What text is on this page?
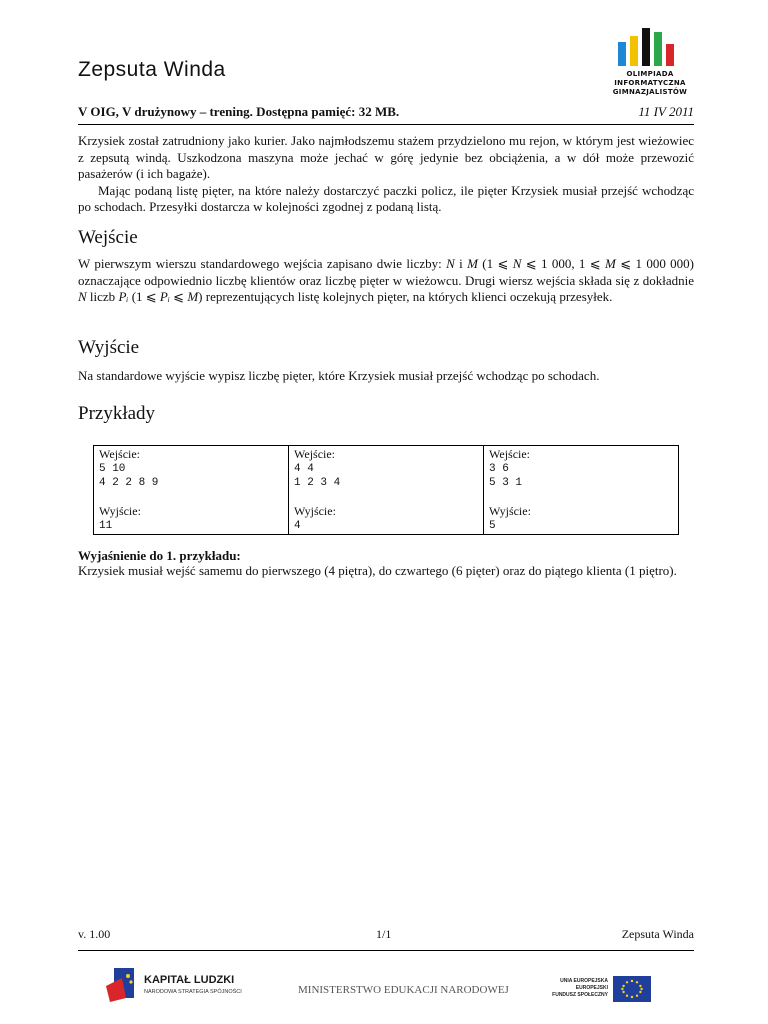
Zepsuta Winda	OLIMPIADA
INFORMATYCZNA
GIMNAZJALISTÓW
V OIG, V drużynowy – trening. Dostępna pamięć: 32 MB.	11 IV 2011

Krzysiek został zatrudniony jako kurier. Jako najmłodszemu stażem przydzielono mu rejon, w którym jest wieżowiec z zepsutą windą. Uszkodzona maszyna może jechać w górę jedynie bez obciążenia, a w dół może przewozić pasażerów (i ich bagaże).

Mając podaną listę pięter, na które należy dostarczyć paczki policz, ile pięter Krzysiek musiał przejść wchodząc po schodach. Przesyłki dostarcza w kolejności zgodnej z podaną listą.

Wejście

W pierwszym wierszu standardowego wejścia zapisano dwie liczby: N i M (1 ⩽ N ⩽ 1 000, 1 ⩽ M ⩽ 1 000 000) oznaczające odpowiednio liczbę klientów oraz liczbę pięter w wieżowcu. Drugi wiersz wejścia składa się z dokładnie N liczb Pᵢ (1 ⩽ Pᵢ ⩽ M) reprezentujących listę kolejnych pięter, na których klienci oczekują przesyłek.

Wyjście
Na standardowe wyjście wypisz liczbę pięter, które Krzysiek musiał przejść wchodząc po schodach.
Przykłady
Wejście:
5 10
4 2 2 8 9
Wyjście:
11
Wejście:
4 4
1 2 3 4
Wyjście:
4
Wejście:
3 6
5 3 1
Wyjście:
5
Wyjaśnienie do 1. przykładu:
Krzysiek musiał wejść samemu do pierwszego (4 piętra), do czwartego (6 pięter) oraz do piątego klienta (1 piętro).
v. 1.00	1/1	Zepsuta Winda
KAPITAŁ LUDZKI
NARODOWA STRATEGIA SPÓJNOŚCI	MINISTERSTWO EDUKACJI NARODOWEJ
UNIA EUROPEJSKA
EUROPEJSKI
FUNDUSZ SPOŁECZNY
